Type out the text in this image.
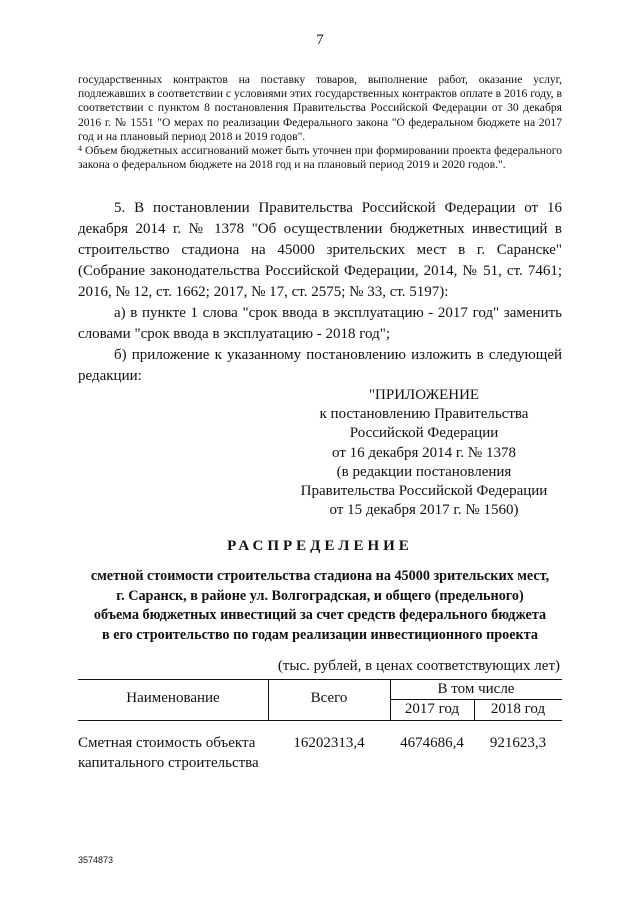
7

государственных контрактов на поставку товаров, выполнение работ, оказание услуг, подлежавших в соответствии с условиями этих государственных контрактов оплате в 2016 году, в соответствии с пунктом 8 постановления Правительства Российской Федерации от 30 декабря 2016 г. № 1551 "О мерах по реализации Федерального закона "О федеральном бюджете на 2017 год и на плановый период 2018 и 2019 годов".

$^4$ Объем бюджетных ассигнований может быть уточнен при формировании проекта федерального закона о федеральном бюджете на 2018 год и на плановый период 2019 и 2020 годов.".

5. В постановлении Правительства Российской Федерации от 16 декабря 2014 г. № 1378 "Об осуществлении бюджетных инвестиций в строительство стадиона на 45000 зрительских мест в г. Саранске" (Собрание законодательства Российской Федерации, 2014, № 51, ст. 7461; 2016, № 12, ст. 1662; 2017, № 17, ст. 2575; № 33, ст. 5197):

а) в пункте 1 слова "срок ввода в эксплуатацию - 2017 год" заменить словами "срок ввода в эксплуатацию - 2018 год";

б) приложение к указанному постановлению изложить в следующей редакции:

"ПРИЛОЖЕНИЕ
к постановлению Правительства
Российской Федерации
от 16 декабря 2014 г. № 1378
(в редакции постановления
Правительства Российской Федерации
от 15 декабря 2017 г. № 1560)
РАСПРЕДЕЛЕНИЕ
сметной стоимости строительства стадиона на 45000 зрительских мест,
г. Саранск, в районе ул. Волгоградская, и общего (предельного)
объема бюджетных инвестиций за счет средств федерального бюджета
в его строительство по годам реализации инвестиционного проекта
(тыс. рублей, в ценах соответствующих лет)
Наименование	Всего
В том числе
2017 год	2018 год
Сметная стоимость объекта
капитального строительства
16202313,4	4674686,4	921623,3
3574873
